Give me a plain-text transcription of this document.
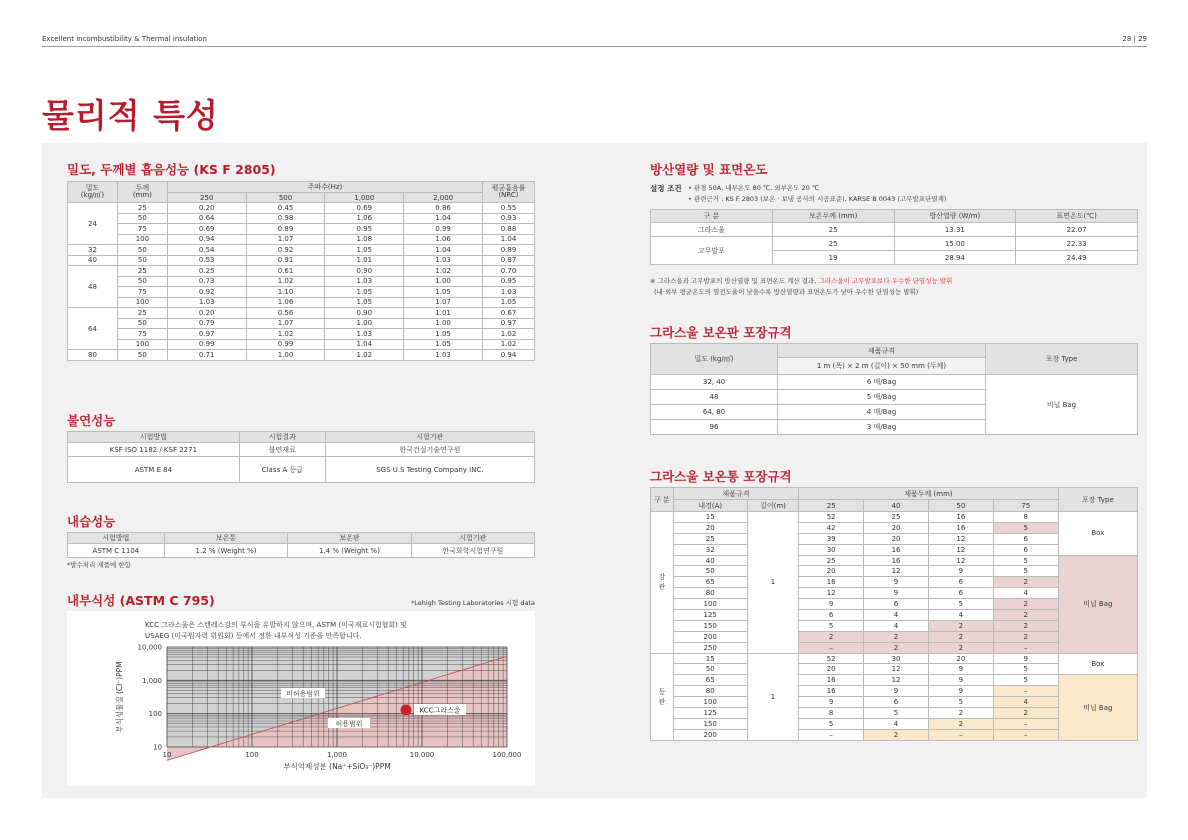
Excellent incombustibility & Thermal insulation	28 | 29
물리적 특성
밀도, 두께별 흡음성능 (KS F 2805)
밀도
(kg/㎥)	두께
(mm)	주파수(Hz)				평균흡음률
(NRC)
		250	500	1,000	2,000	
24	25	0.20	0.45	0.69	0.86	0.55
	50	0.64	0.98	1.06	1.04	0.93
	75	0.69	0.89	0.95	0.99	0.88
	100	0.94	1.07	1.08	1.06	1.04
32	50	0.54	0.92	1.05	1.04	0.89
40	50	0.53	0.91	1.01	1.03	0.87
48	25	0.25	0.61	0.90	1.02	0.70
	50	0.73	1.02	1.03	1.00	0.95
	75	0.92	1.10	1.05	1.05	1.03
	100	1.03	1.06	1.05	1.07	1.05
64	25	0.20	0.56	0.90	1.01	0.67
	50	0.79	1.07	1.00	1.00	0.97
	75	0.97	1.02	1.03	1.05	1.02
	100	0.99	0.99	1.04	1.05	1.02
80	50	0.71	1.00	1.02	1.03	0.94
불연성능
시험방법	시험결과	시험기관
KSF ISO 1182 / KSF 2271	불연재료	한국건설기술연구원
ASTM E 84	Class A 등급	SGS U.S Testing Company INC.
내습성능
시험방법	보온통	보온판	시험기관
ASTM C 1104	1.2 % (Weight %)	1.4 % (Weight %)	한국화학시험연구원
*발수처리 제품에 한함
내부식성 (ASTM C 795)	*Lehigh Testing Laboratories 시험 data
KCC 그라스울은 스텐레스강의 부식을 유발하지 않으며, ASTM (미국재료시험협회) 및
USAEG (미국원자력 위원회) 등에서 정한 내부식성 기준을 만족합니다.
10,000
1,000
100
10
10	100	1,000	10,000	100,000
부식성물질 (Cl⁻)PPM
부식억제성분 (Na⁺+SiO₃⁻)PPM
비허용범위
허용범위
KCC그라스울
방산열량 및 표면온도
설정 조건 • 관경 50A, 내부온도 80 ℃, 외부온도 20 ℃
• 관련근거 : KS F 2803 (보온 · 보냉 공사의 시공표준), KARSE B 0043 (고무발포단열재)
구 분	보온두께 (mm)	방산열량 (W/m)	표면온도(℃)
그라스울	25	13.31	22.07
고무발포	25	15.00	22.33
	19	28.94	24.49
※ 그라스울과 고무발포의 방산열량 및 표면온도 계산 결과, 그라스울이 고무발포보다 우수한 단열성능 발휘
(내·외부 평균온도의 열전도율이 낮을수록 방산열량과 표면온도가 낮아 우수한 단열성능 발휘)
그라스울 보온판 포장규격
밀도 (kg/㎥)	제품규격	포장 Type
	1 m (폭) × 2 m (길이) × 50 mm (두께)	
32, 40	6 매/Bag	비닐 Bag
48	5 매/Bag	
64, 80	4 매/Bag	
96	3 매/Bag	
그라스울 보온통 포장규격
구 분	제품규격		제품두께 (mm)				포장 Type
	내경(A)	길이(m)	25	40	50	75	
강
관	15	1	52	25	16	8	Box
	20		42	20	16	5	
	25		39	20	12	6	
	32		30	16	12	6	
	40		25	16	12	5	비닐 Bag
	50		20	12	9	5	
	65		16	9	6	2	
	80		12	9	6	4	
	100		9	6	5	2	
	125		6	4	4	2	
	150		5	4	2	2	
	200		2	2	2	2	
	250		–	2	2	–	
동
관	15	1	52	30	20	9	Box
	50		20	12	9	5	
	65		16	12	9	5	비닐 Bag
	80		16	9	9	–	
	100		9	6	5	4	
	125		8	5	2	2	
	150		5	4	2	–	
	200		–	2	–	–	
